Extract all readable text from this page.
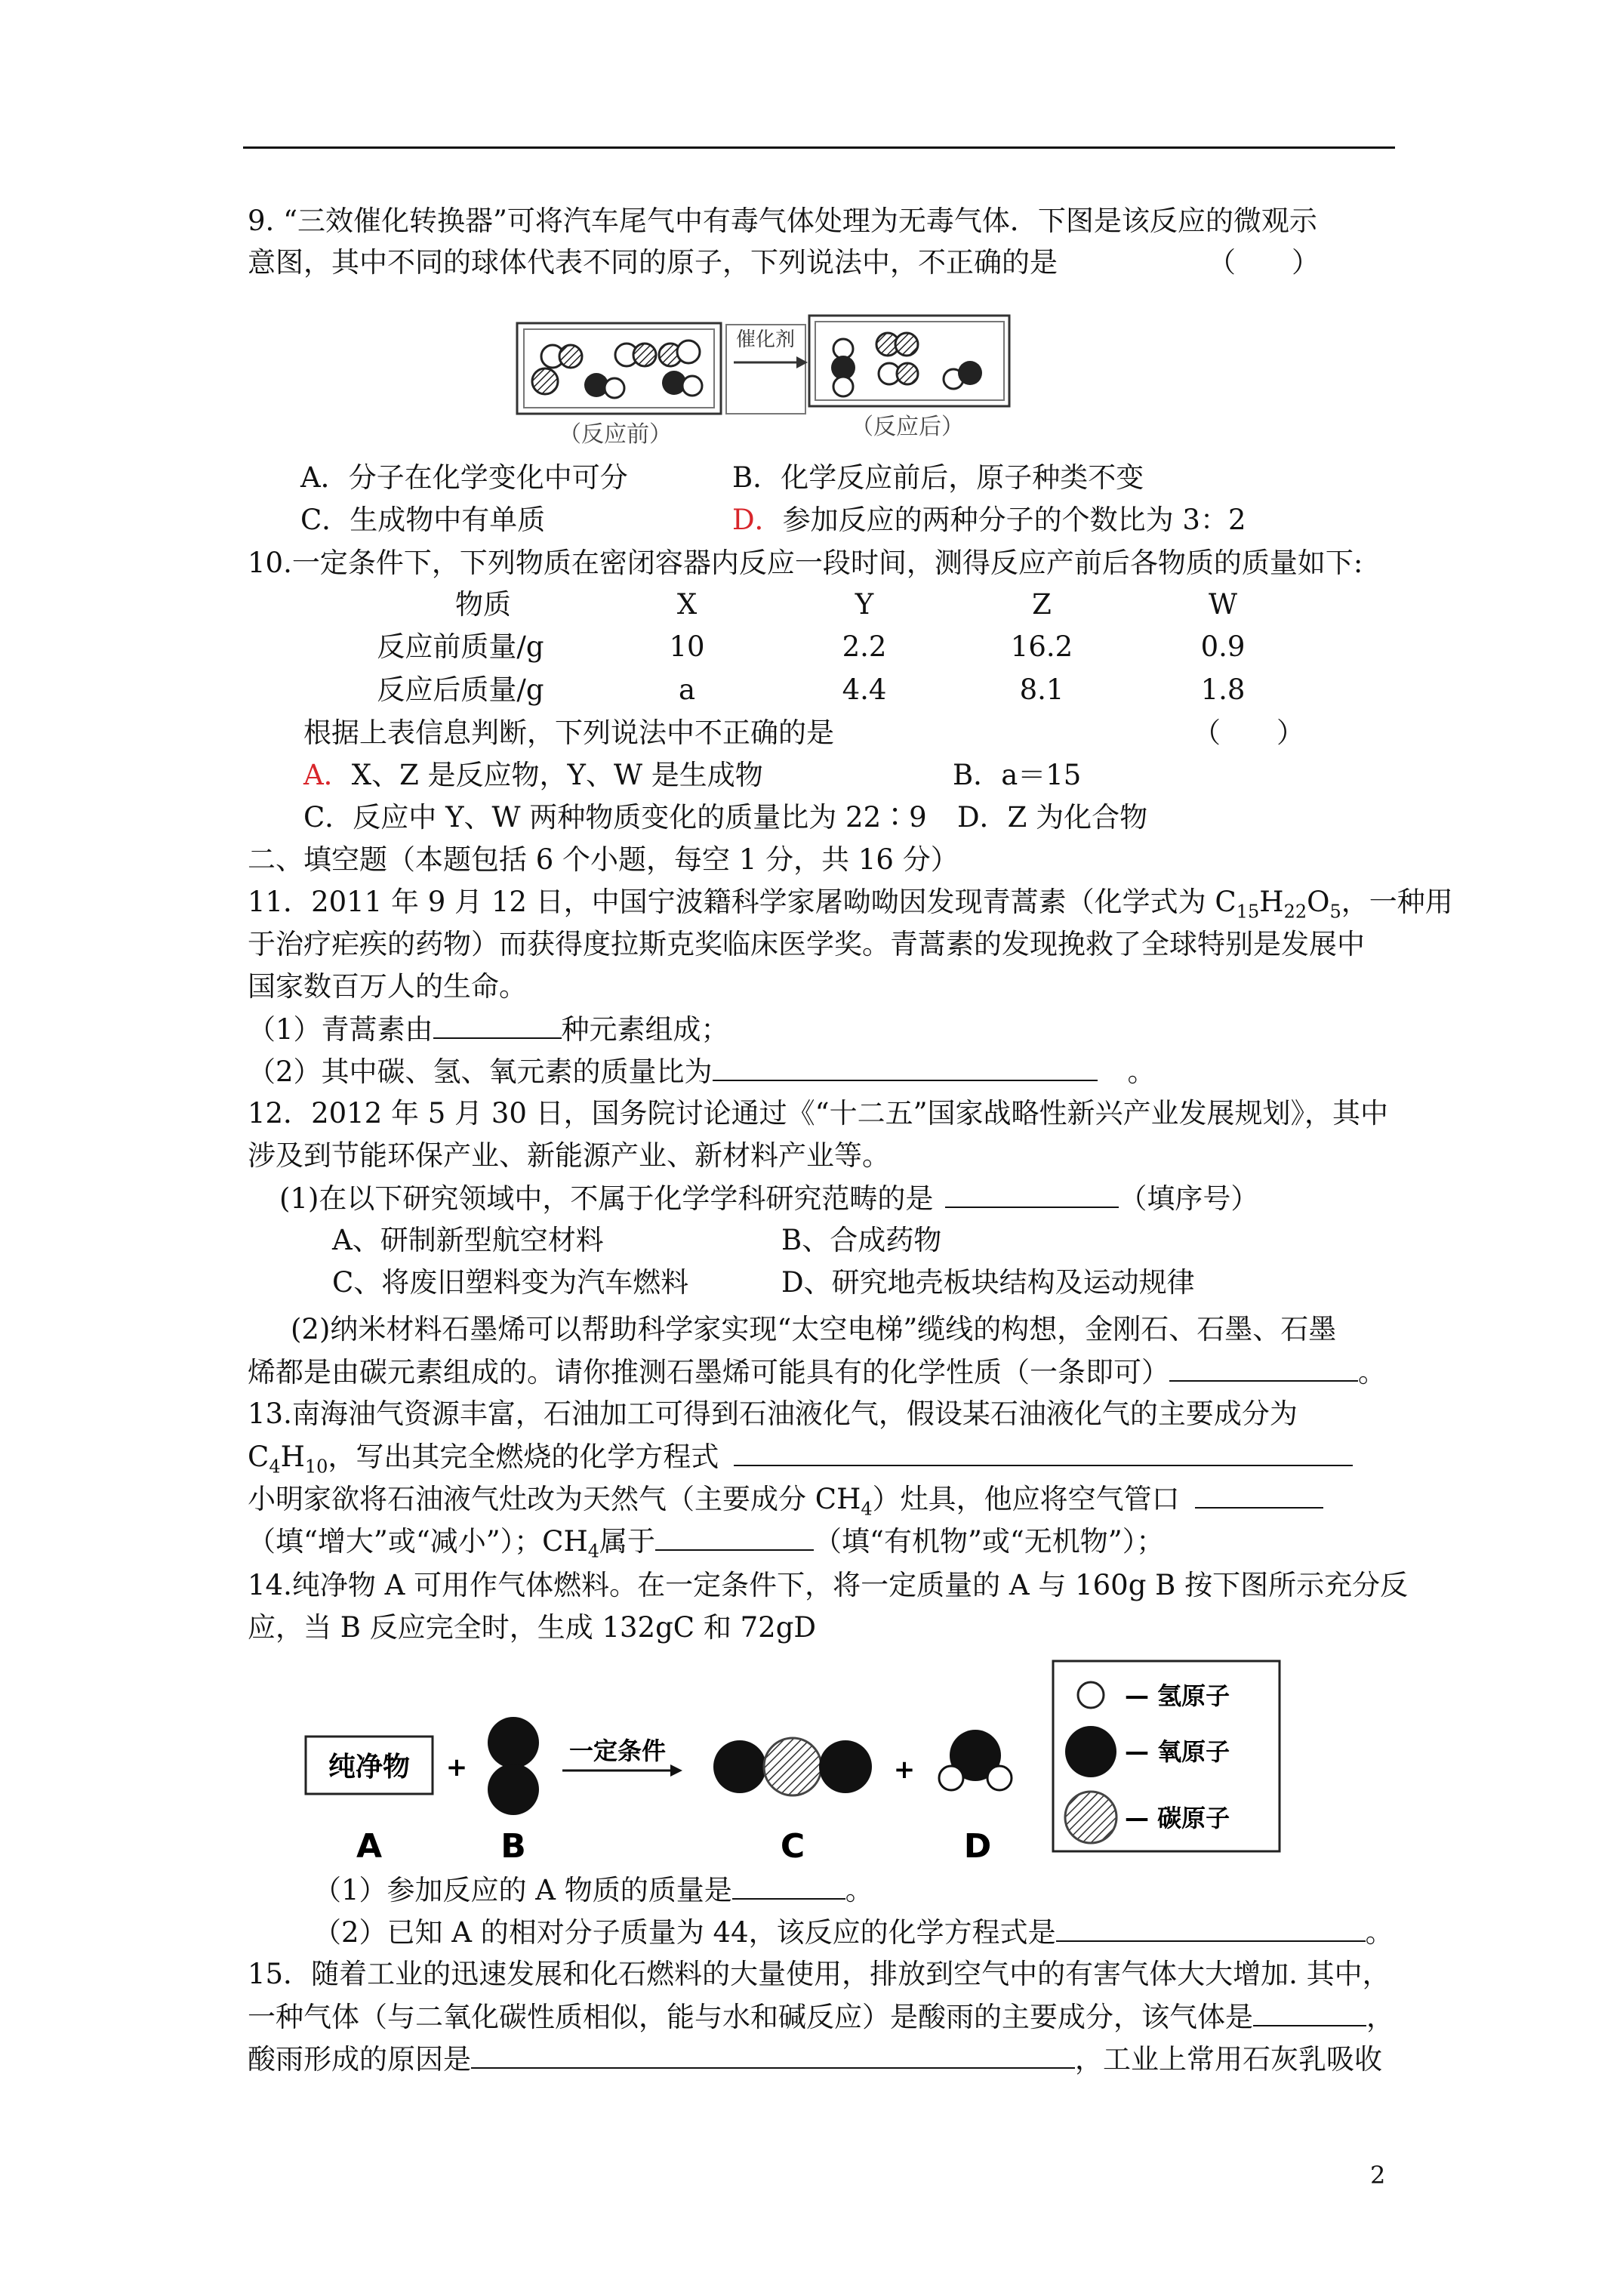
9. “三效催化转换器”可将汽车尾气中有毒气体处理为无毒气体．下图是该反应的微观示
意图，其中不同的球体代表不同的原子，下列说法中，不正确的是	（　　）
催化剂
（反应前）	（反应后）
A．分子在化学变化中可分	B．化学反应前后，原子种类不变
C．生成物中有单质	D．参加反应的两种分子的个数比为 3：2
10.一定条件下，下列物质在密闭容器内反应一段时间，测得反应产前后各物质的质量如下:
物质	X	Y	Z	W
反应前质量/g	10	2.2	16.2	0.9
反应后质量/g	a	4.4	8.1	1.8
根据上表信息判断，下列说法中不正确的是	（　　）
A．X、Z 是反应物，Y、W 是生成物	B．a＝15
C．反应中 Y、W 两种物质变化的质量比为 22∶9 D．Z 为化合物
二、填空题（本题包括 6 个小题，每空 1 分，共 16 分）
11．2011 年 9 月 12 日，中国宁波籍科学家屠呦呦因发现青蒿素（化学式为 $C_{15}H_{22}O_5$，一种用
于治疗疟疾的药物）而获得度拉斯克奖临床医学奖。青蒿素的发现挽救了全球特别是发展中
国家数百万人的生命。
（1）青蒿素由	种元素组成；
（2）其中碳、氢、氧元素的质量比为	。
12．2012 年 5 月 30 日，国务院讨论通过《“十二五”国家战略性新兴产业发展规划》，其中
涉及到节能环保产业、新能源产业、新材料产业等。
(1)在以下研究领域中，不属于化学学科研究范畴的是	（填序号）
A、研制新型航空材料	B、合成药物
C、将废旧塑料变为汽车燃料	D、研究地壳板块结构及运动规律
(2)纳米材料石墨烯可以帮助科学家实现“太空电梯”缆线的构想，金刚石、石墨、石墨
烯都是由碳元素组成的。请你推测石墨烯可能具有的化学性质（一条即可）	。
13.南海油气资源丰富，石油加工可得到石油液化气，假设某石油液化气的主要成分为
$C_4H_{10}$，写出其完全燃烧的化学方程式
小明家欲将石油液气灶改为天然气（主要成分 $CH_4$）灶具，他应将空气管口
（填“增大”或“减小”）；$CH_4$属于	（填“有机物”或“无机物”）；
14.纯净物 A 可用作气体燃料。在一定条件下，将一定质量的 A 与 160g B 按下图所示充分反
应，当 B 反应完全时，生成 132gC 和 72gD
纯净物 +
一定条件
+
A	B	C	D
— 氢原子
— 氧原子
— 碳原子
（1）参加反应的 A 物质的质量是	。
（2）已知 A 的相对分子质量为 44，该反应的化学方程式是	。
15．随着工业的迅速发展和化石燃料的大量使用，排放到空气中的有害气体大大增加. 其中，
一种气体（与二氧化碳性质相似，能与水和碱反应）是酸雨的主要成分，该气体是	，
酸雨形成的原因是	，工业上常用石灰乳吸收
2
